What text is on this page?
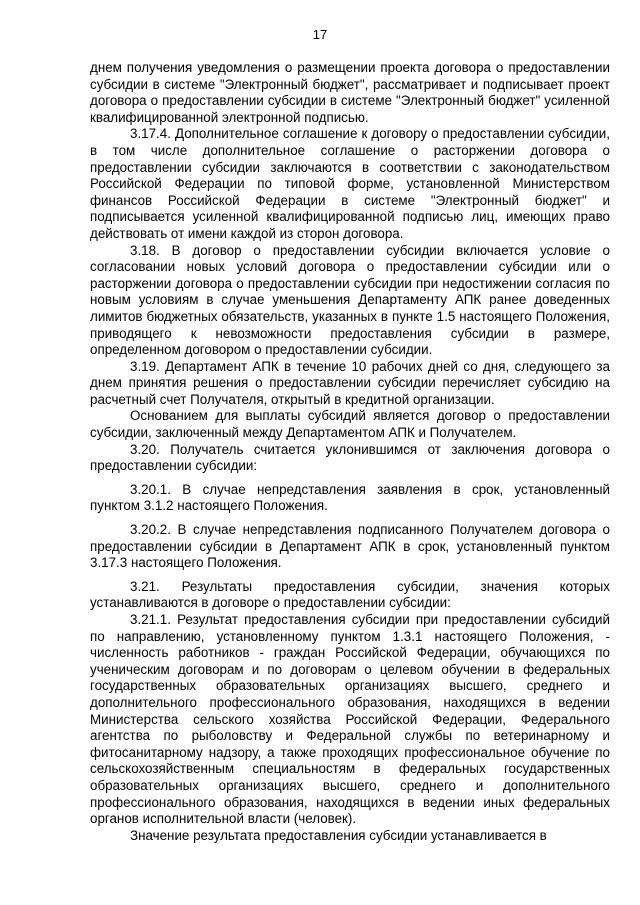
17

днем получения уведомления о размещении проекта договора о предоставлении субсидии в системе "Электронный бюджет", рассматривает и подписывает проект договора о предоставлении субсидии в системе "Электронный бюджет" усиленной квалифицированной электронной подписью.

3.17.4. Дополнительное соглашение к договору о предоставлении субсидии, в том числе дополнительное соглашение о расторжении договора о предоставлении субсидии заключаются в соответствии с законодательством Российской Федерации по типовой форме, установленной Министерством финансов Российской Федерации в системе "Электронный бюджет" и подписывается усиленной квалифицированной подписью лиц, имеющих право действовать от имени каждой из сторон договора.

3.18. В договор о предоставлении субсидии включается условие о согласовании новых условий договора о предоставлении субсидии или о расторжении договора о предоставлении субсидии при недостижении согласия по новым условиям в случае уменьшения Департаменту АПК ранее доведенных лимитов бюджетных обязательств, указанных в пункте 1.5 настоящего Положения, приводящего к невозможности предоставления субсидии в размере, определенном договором о предоставлении субсидии.

3.19. Департамент АПК в течение 10 рабочих дней со дня, следующего за днем принятия решения о предоставлении субсидии перечисляет субсидию на расчетный счет Получателя, открытый в кредитной организации.

Основанием для выплаты субсидий является договор о предоставлении субсидии, заключенный между Департаментом АПК и Получателем.

3.20. Получатель считается уклонившимся от заключения договора о предоставлении субсидии:

3.20.1. В случае непредставления заявления в срок, установленный пунктом 3.1.2 настоящего Положения.

3.20.2. В случае непредставления подписанного Получателем договора о предоставлении субсидии в Департамент АПК в срок, установленный пунктом 3.17.3 настоящего Положения.

3.21. Результаты предоставления субсидии, значения которых устанавливаются в договоре о предоставлении субсидии:

3.21.1. Результат предоставления субсидии при предоставлении субсидий по направлению, установленному пунктом 1.3.1 настоящего Положения, - численность работников - граждан Российской Федерации, обучающихся по ученическим договорам и по договорам о целевом обучении в федеральных государственных образовательных организациях высшего, среднего и дополнительного профессионального образования, находящихся в ведении Министерства сельского хозяйства Российской Федерации, Федерального агентства по рыболовству и Федеральной службы по ветеринарному и фитосанитарному надзору, а также проходящих профессиональное обучение по сельскохозяйственным специальностям в федеральных государственных образовательных организациях высшего, среднего и дополнительного профессионального образования, находящихся в ведении иных федеральных органов исполнительной власти (человек).

Значение результата предоставления субсидии устанавливается в
